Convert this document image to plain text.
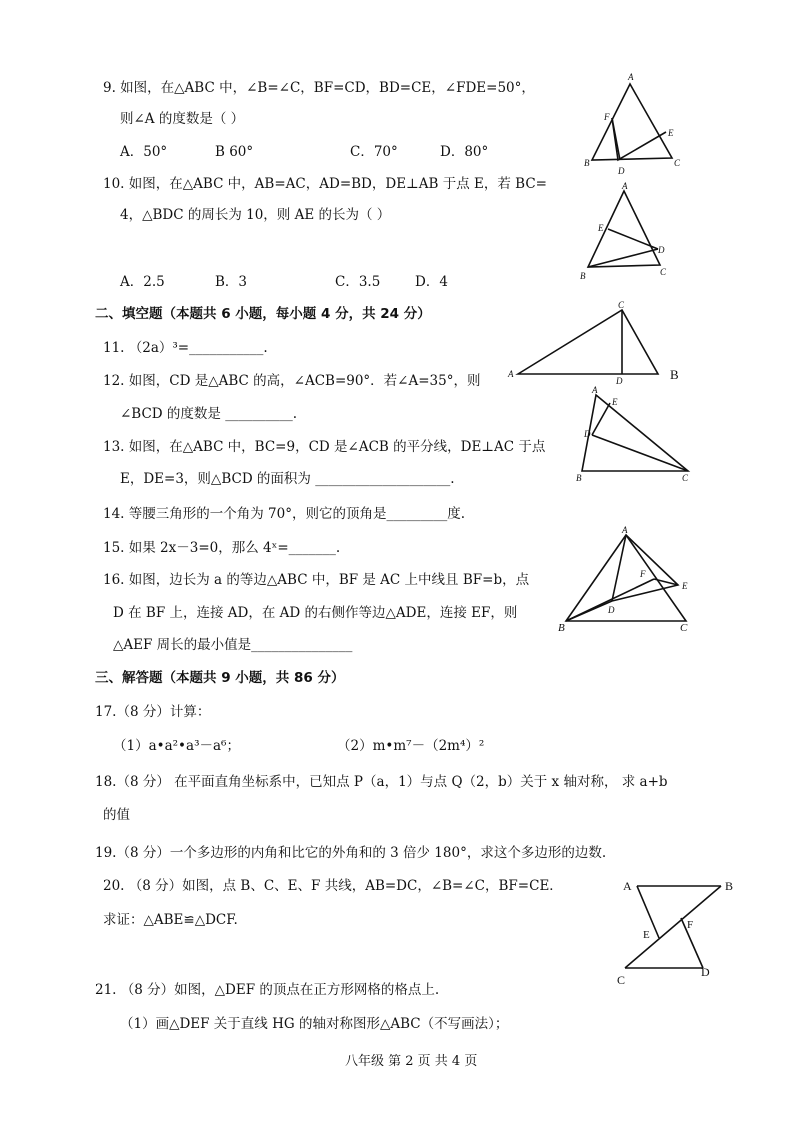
9. 如图，在△ABC 中，∠B=∠C，BF=CD，BD=CE，∠FDE=50°，
则∠A 的度数是（ ）
A．50°	B 60°	C．70°	D．80°
A
B	C
D
E
F
10. 如图，在△ABC 中，AB=AC，AD=BD，DE⊥AB 于点 E，若 BC=
4，△BDC 的周长为 10，则 AE 的长为（ ）
A．2.5	B．3	C．3.5	D．4
A
B	C
D
E
二、填空题（本题共 6 小题，每小题 4 分，共 24 分）
11. （2a）³=___________.
12. 如图，CD 是△ABC 的高，∠ACB=90°．若∠A=35°，则
∠BCD 的度数是 __________.
A	B
C
D
13. 如图，在△ABC 中，BC=9，CD 是∠ACB 的平分线，DE⊥AC 于点
E，DE=3，则△BCD 的面积为 ____________________.
A
B	C
D
E
14. 等腰三角形的一个角为 70°，则它的顶角是_________度.
15. 如果 2x－3=0，那么 4ˣ=_______.
16. 如图，边长为 a 的等边△ABC 中，BF 是 AC 上中线且 BF=b，点
D 在 BF 上，连接 AD，在 AD 的右侧作等边△ADE，连接 EF，则
△AEF 周长的最小值是_______________
A
B	C
D
E
F
三、解答题（本题共 9 小题，共 86 分）
17.（8 分）计算：
（1）a•a²•a³－a⁶；	（2）m•m⁷－（2m⁴）²
18.（8 分） 在平面直角坐标系中，已知点 P（a，1）与点 Q（2，b）关于 x 轴对称， 求 a+b
的值
19.（8 分）一个多边形的内角和比它的外角和的 3 倍少 180°，求这个多边形的边数.
20. （8 分）如图，点 B、C、E、F 共线，AB=DC，∠B=∠C，BF=CE．
求证：△ABE≌△DCF.
A	B
C
D
E
F
21. （8 分）如图，△DEF 的顶点在正方形网格的格点上.
（1）画△DEF 关于直线 HG 的轴对称图形△ABC（不写画法）；
八年级 第 2 页 共 4 页
